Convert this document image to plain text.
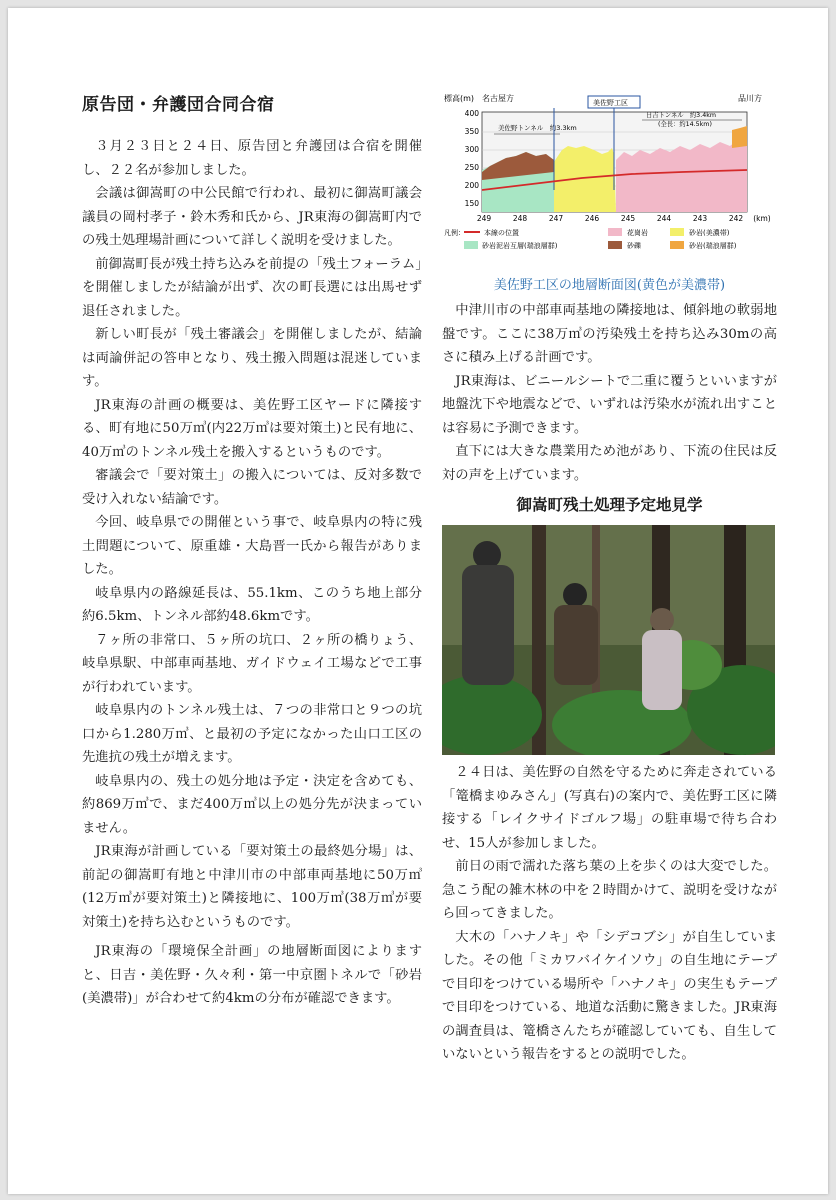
原告団・弁護団合同合宿

３月２３日と２４日、原告団と弁護団は合宿を開催し、２２名が参加しました。

会議は御嵩町の中公民館で行われ、最初に御嵩町議会議員の岡村孝子・鈴木秀和氏から、JR東海の御嵩町内での残土処理場計画について詳しく説明を受けました。

前御嵩町長が残土持ち込みを前提の「残土フォーラム」を開催しましたが結論が出ず、次の町長選には出馬せず退任されました。

新しい町長が「残土審議会」を開催しましたが、結論は両論併記の答申となり、残土搬入問題は混迷しています。

JR東海の計画の概要は、美佐野工区ヤードに隣接する、町有地に50万㎥(内22万㎥は要対策土)と民有地に、40万㎥のトンネル残土を搬入するというものです。

審議会で「要対策土」の搬入については、反対多数で受け入れない結論です。

今回、岐阜県での開催という事で、岐阜県内の特に残土問題について、原重雄・大島晋一氏から報告がありました。

岐阜県内の路線延長は、55.1km、このうち地上部分約6.5km、トンネル部約48.6kmです。

７ヶ所の非常口、５ヶ所の坑口、２ヶ所の橋りょう、岐阜県駅、中部車両基地、ガイドウェイ工場などで工事が行われています。

岐阜県内のトンネル残土は、７つの非常口と９つの坑口から1.280万㎥、と最初の予定になかった山口工区の先進抗の残土が増えます。

岐阜県内の、残土の処分地は予定・決定を含めても、約869万㎥で、まだ400万㎥以上の処分先が決まっていません。

JR東海が計画している「要対策土の最終処分場」は、前記の御嵩町有地と中津川市の中部車両基地に50万㎥(12万㎥が要対策土)と隣接地に、100万㎥(38万㎥が要対策土)を持ち込むというものです。

JR東海の「環境保全計画」の地層断面図によりますと、日吉・美佐野・久々利・第一中京圏トネルで「砂岩(美濃帯)」が合わせて約4kmの分布が確認できます。

標高(m) 名古屋方	品川方
美佐野トンネル　約3.3km
日吉トンネル　約3.4km
(全長：約14.5km)
美佐野工区
400
350
300
250
200
150
249	248	247	246	245	244	243	242 (km)
凡例：	本線の位置	花崗岩	砂岩(美濃帯)
砂岩泥岩互層(瑞浪層群)	砂礫	砂岩(瑞浪層群)
美佐野工区の地層断面図(黄色が美濃帯)

中津川市の中部車両基地の隣接地は、傾斜地の軟弱地盤です。ここに38万㎥の汚染残土を持ち込み30mの高さに積み上げる計画です。

JR東海は、ビニールシートで二重に覆うといいますが地盤沈下や地震などで、いずれは汚染水が流れ出すことは容易に予測できます。

直下には大きな農業用ため池があり、下流の住民は反対の声を上げています。

御嵩町残土処理予定地見学

２４日は、美佐野の自然を守るために奔走されている「篭橋まゆみさん」(写真右)の案内で、美佐野工区に隣接する「レイクサイドゴルフ場」の駐車場で待ち合わせ、15人が参加しました。

前日の雨で濡れた落ち葉の上を歩くのは大変でした。急こう配の雑木林の中を２時間かけて、説明を受けながら回ってきました。

大木の「ハナノキ」や「シデコブシ」が自生していました。その他「ミカワバイケイソウ」の自生地にテープで目印をつけている場所や「ハナノキ」の実生もテープで目印をつけている、地道な活動に驚きました。JR東海の調査員は、篭橋さんたちが確認していても、自生していないという報告をするとの説明でした。
